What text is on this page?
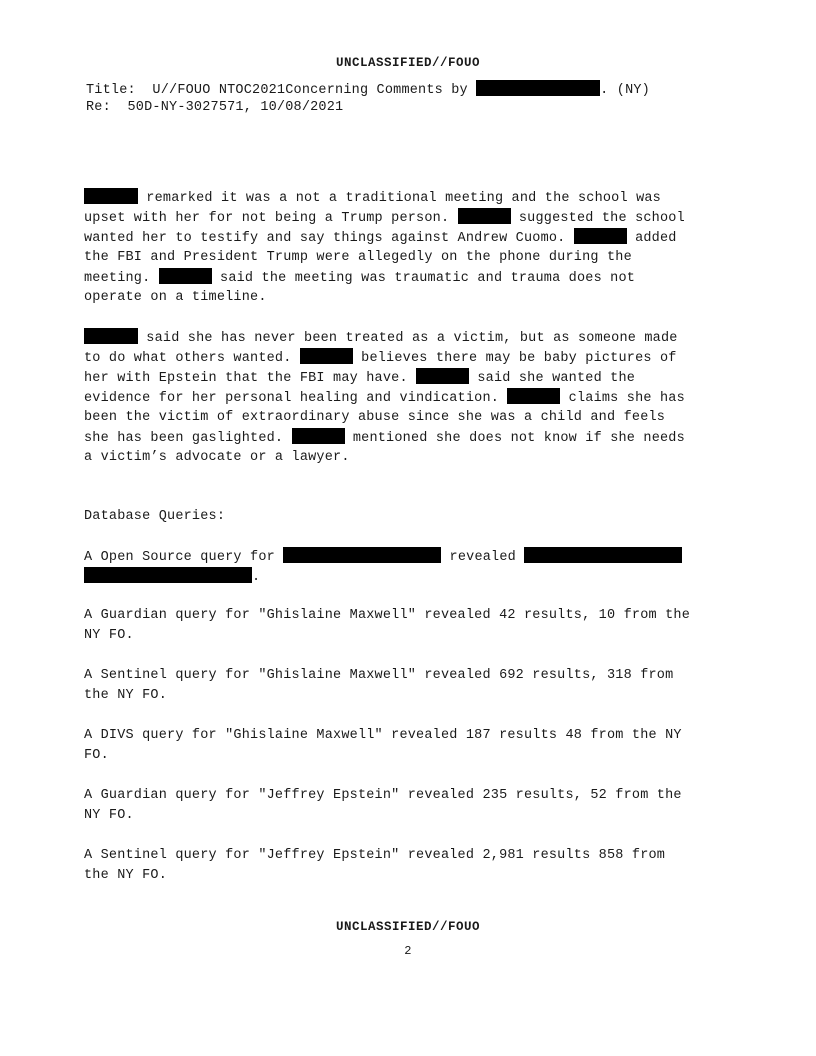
UNCLASSIFIED//FOUO
Title:  U//FOUO NTOC2021Concerning Comments by	. (NY)
Re:  50D-NY-3027571, 10/08/2021
remarked it was a not a traditional meeting and the school was
upset with her for not being a Trump person.	suggested the school
wanted her to testify and say things against Andrew Cuomo.	added
the FBI and President Trump were allegedly on the phone during the
meeting.	said the meeting was traumatic and trauma does not
operate on a timeline.
said she has never been treated as a victim, but as someone made
to do what others wanted.	believes there may be baby pictures of
her with Epstein that the FBI may have.	said she wanted the
evidence for her personal healing and vindication.	claims she has
been the victim of extraordinary abuse since she was a child and feels
she has been gaslighted.	mentioned she does not know if she needs
a victim’s advocate or a lawyer.
Database Queries:
A Open Source query for	revealed
.
A Guardian query for "Ghislaine Maxwell" revealed 42 results, 10 from the
NY FO.
A Sentinel query for "Ghislaine Maxwell" revealed 692 results, 318 from
the NY FO.
A DIVS query for "Ghislaine Maxwell" revealed 187 results 48 from the NY
FO.
A Guardian query for "Jeffrey Epstein" revealed 235 results, 52 from the
NY FO.
A Sentinel query for "Jeffrey Epstein" revealed 2,981 results 858 from
the NY FO.
UNCLASSIFIED//FOUO
2
